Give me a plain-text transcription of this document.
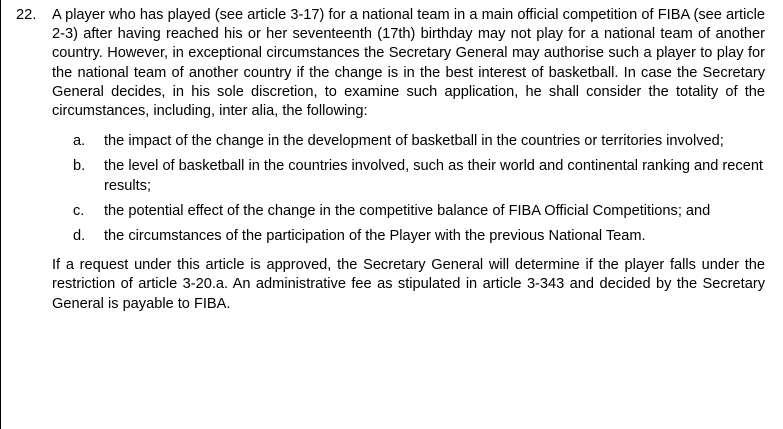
22.	A player who has played (see article 3-17) for a national team in a main official competition of FIBA (see article 2-3) after having reached his or her seventeenth (17th) birthday may not play for a national team of another country. However, in exceptional circumstances the Secretary General may authorise such a player to play for the national team of another country if the change is in the best interest of basketball. In case the Secretary General decides, in his sole discretion, to examine such application, he shall consider the totality of the circumstances, including, inter alia, the following:

a.	the impact of the change in the development of basketball in the countries or territories involved;
b.	the level of basketball in the countries involved, such as their world and continental ranking and recent results;
c.	the potential effect of the change in the competitive balance of FIBA Official Competitions; and
d.	the circumstances of the participation of the Player with the previous National Team.

If a request under this article is approved, the Secretary General will determine if the player falls under the restriction of article 3-20.a. An administrative fee as stipulated in article 3-343 and decided by the Secretary General is payable to FIBA.
